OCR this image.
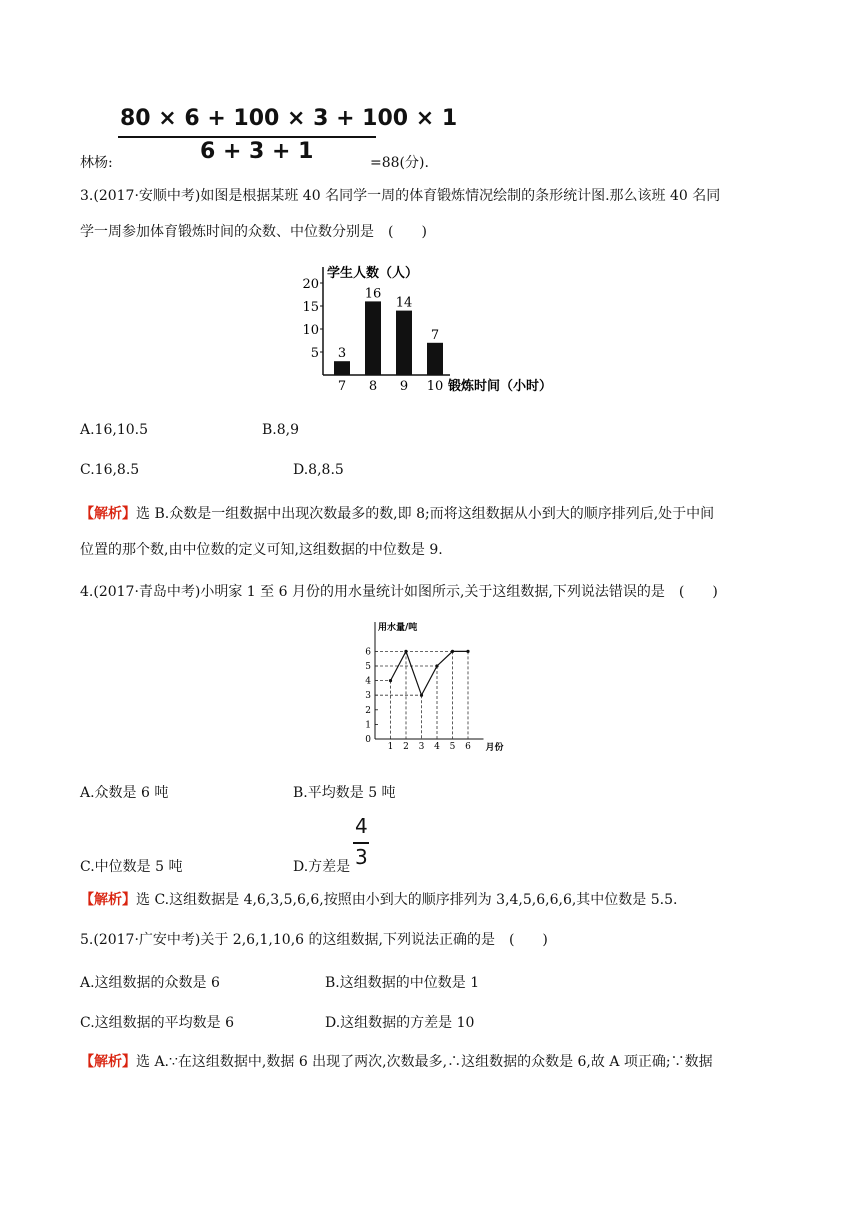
80 × 6 + 100 × 3 + 100 × 1
6 + 3 + 1
林杨:	=88(分).
3.(2017·安顺中考)如图是根据某班 40 名同学一周的体育锻炼情况绘制的条形统计图.那么该班 40 名同
学一周参加体育锻炼时间的众数、中位数分别是　(　　)
学生人数（人）
锻炼时间（小时）
5
10
15
20
3
7
16
8
14
9
7
10
A.16,10.5	B.8,9
C.16,8.5	D.8,8.5
【解析】选 B.众数是一组数据中出现次数最多的数,即 8;而将这组数据从小到大的顺序排列后,处于中间
位置的那个数,由中位数的定义可知,这组数据的中位数是 9.
4.(2017·青岛中考)小明家 1 至 6 月份的用水量统计如图所示,关于这组数据,下列说法错误的是　(　　)
用水量/吨
月份
0
1
2
3
4
5
6
1 2 3 4 5 6
A.众数是 6 吨	B.平均数是 5 吨
C.中位数是 5 吨	D.方差是
4
3
【解析】选 C.这组数据是 4,6,3,5,6,6,按照由小到大的顺序排列为 3,4,5,6,6,6,其中位数是 5.5.
5.(2017·广安中考)关于 2,6,1,10,6 的这组数据,下列说法正确的是　(　　)
A.这组数据的众数是 6	B.这组数据的中位数是 1
C.这组数据的平均数是 6	D.这组数据的方差是 10
【解析】选 A.∵在这组数据中,数据 6 出现了两次,次数最多,∴这组数据的众数是 6,故 A 项正确;∵数据
